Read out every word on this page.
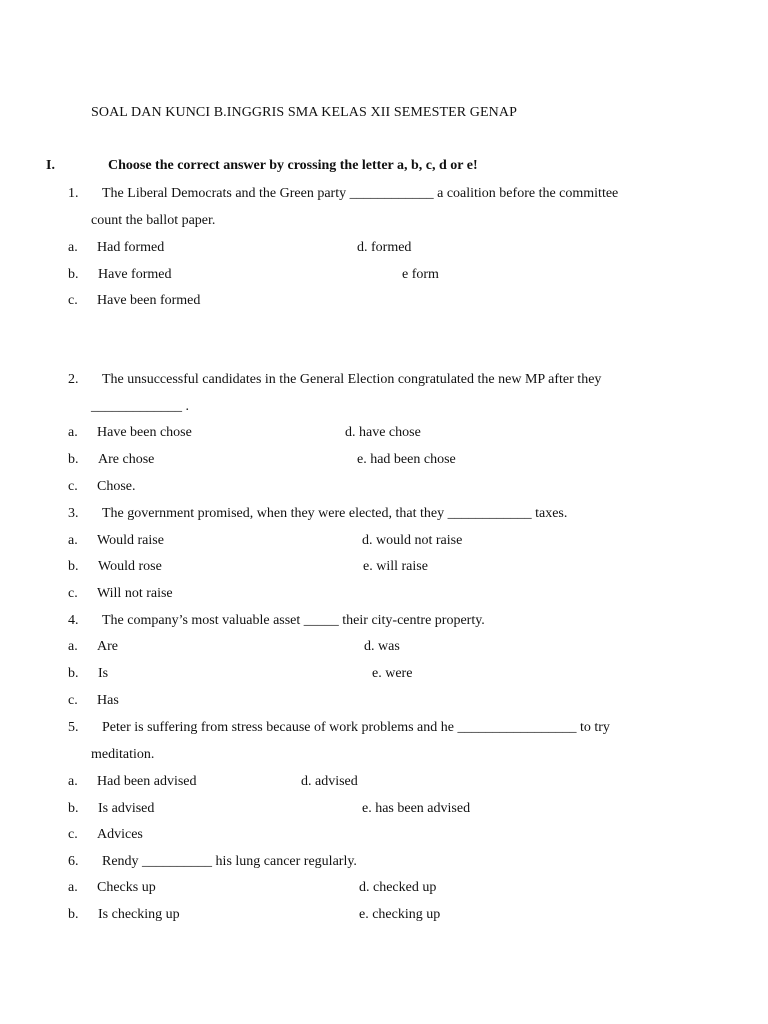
SOAL DAN KUNCI B.INGGRIS SMA KELAS XII SEMESTER GENAP
I.	Choose the correct answer by crossing the letter a, b, c, d or e!
1. The Liberal Democrats and the Green party ____________ a coalition before the committee
count the ballot paper.
a. Had formed
b. Have formed
c. Have been formed
d. formed
e form
2. The unsuccessful candidates in the General Election congratulated the new MP after they
_____________ .
a. Have been chose
b. Are chose
c. Chose.
d. have chose
e. had been chose
3. The government promised, when they were elected, that they ____________ taxes.
a. Would raise
b. Would rose
c. Will not raise
d. would not raise
e. will raise
4. The company’s most valuable asset _____ their city-centre property.
a. Are
b. Is
c. Has
d. was
e. were
5. Peter is suffering from stress because of work problems and he _________________ to try
meditation.
a. Had been advised
b. Is advised
c. Advices
d. advised
e. has been advised
6. Rendy __________ his lung cancer regularly.
a. Checks up
b. Is checking up
d. checked up
e. checking up
